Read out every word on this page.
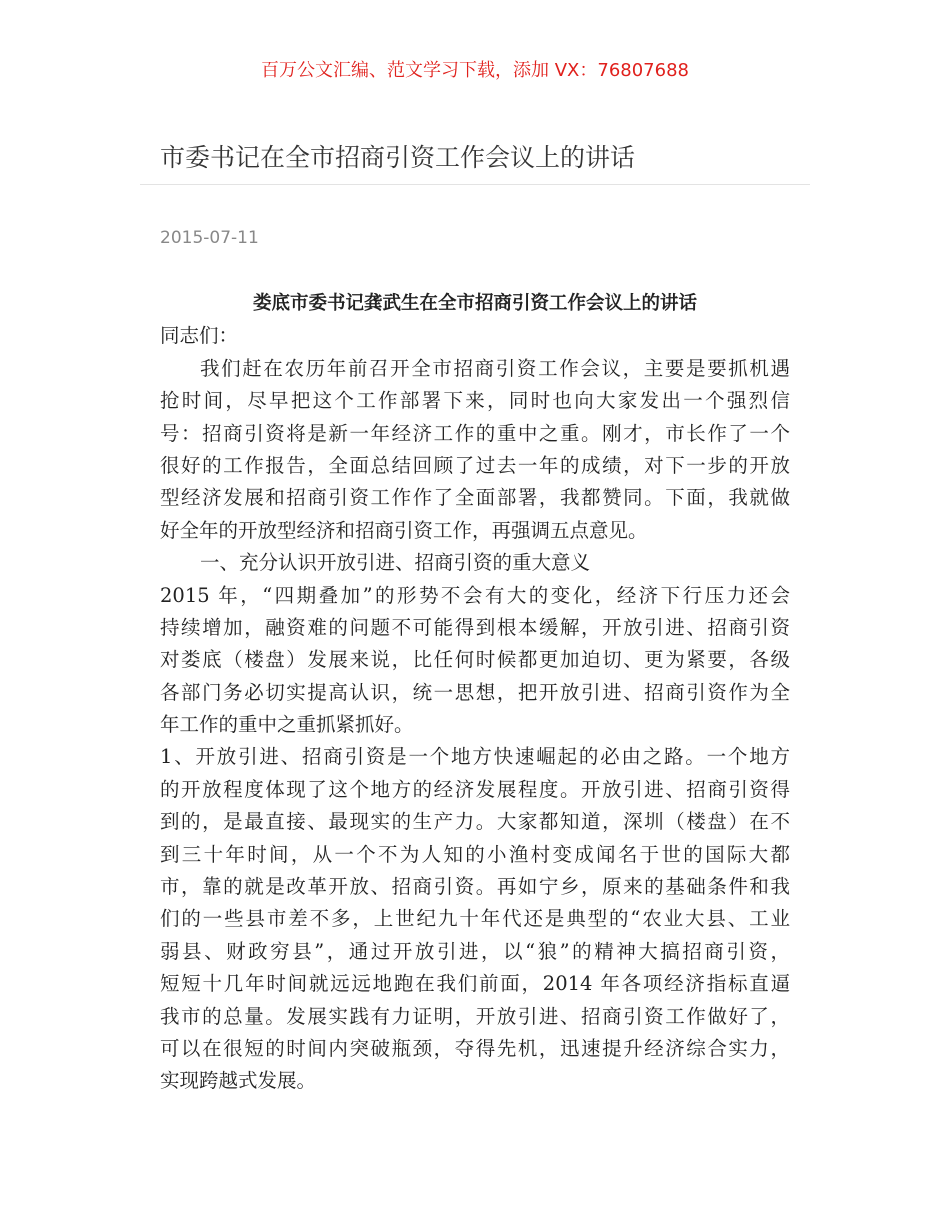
百万公文汇编、范文学习下载，添加 VX：76807688
市委书记在全市招商引资工作会议上的讲话
2015-07-11
娄底市委书记龚武生在全市招商引资工作会议上的讲话
同志们：
我们赶在农历年前召开全市招商引资工作会议，主要是要抓机遇
抢时间，尽早把这个工作部署下来，同时也向大家发出一个强烈信
号：招商引资将是新一年经济工作的重中之重。刚才，市长作了一个
很好的工作报告，全面总结回顾了过去一年的成绩，对下一步的开放
型经济发展和招商引资工作作了全面部署，我都赞同。下面，我就做
好全年的开放型经济和招商引资工作，再强调五点意见。
一、充分认识开放引进、招商引资的重大意义
2015 年，“四期叠加”的形势不会有大的变化，经济下行压力还会
持续增加，融资难的问题不可能得到根本缓解，开放引进、招商引资
对娄底（楼盘）发展来说，比任何时候都更加迫切、更为紧要，各级
各部门务必切实提高认识，统一思想，把开放引进、招商引资作为全
年工作的重中之重抓紧抓好。
1、开放引进、招商引资是一个地方快速崛起的必由之路。一个地方
的开放程度体现了这个地方的经济发展程度。开放引进、招商引资得
到的，是最直接、最现实的生产力。大家都知道，深圳（楼盘）在不
到三十年时间，从一个不为人知的小渔村变成闻名于世的国际大都
市，靠的就是改革开放、招商引资。再如宁乡，原来的基础条件和我
们的一些县市差不多，上世纪九十年代还是典型的“农业大县、工业
弱县、财政穷县”，通过开放引进，以“狼”的精神大搞招商引资，
短短十几年时间就远远地跑在我们前面，2014 年各项经济指标直逼
我市的总量。发展实践有力证明，开放引进、招商引资工作做好了，
可以在很短的时间内突破瓶颈，夺得先机，迅速提升经济综合实力，
实现跨越式发展。
